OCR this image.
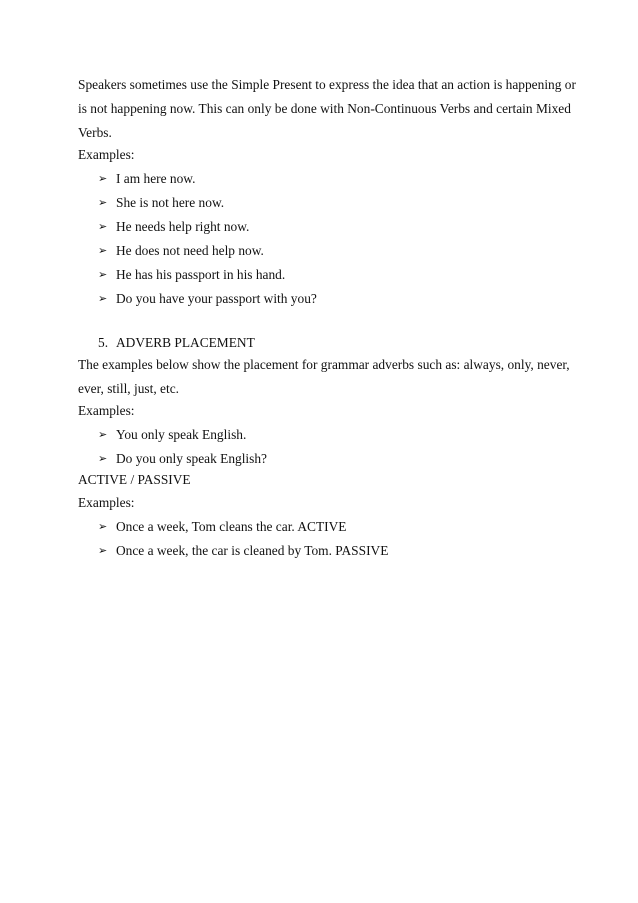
Speakers sometimes use the Simple Present to express the idea that an action is happening or
is not happening now. This can only be done with Non-Continuous Verbs and certain Mixed
Verbs.
Examples:
➢ I am here now.
➢ She is not here now.
➢ He needs help right now.
➢ He does not need help now.
➢ He has his passport in his hand.
➢ Do you have your passport with you?
5. ADVERB PLACEMENT
The examples below show the placement for grammar adverbs such as: always, only, never,
ever, still, just, etc.
Examples:
➢ You only speak English.
➢ Do you only speak English?
ACTIVE / PASSIVE
Examples:
➢ Once a week, Tom cleans the car. ACTIVE
➢ Once a week, the car is cleaned by Tom. PASSIVE
